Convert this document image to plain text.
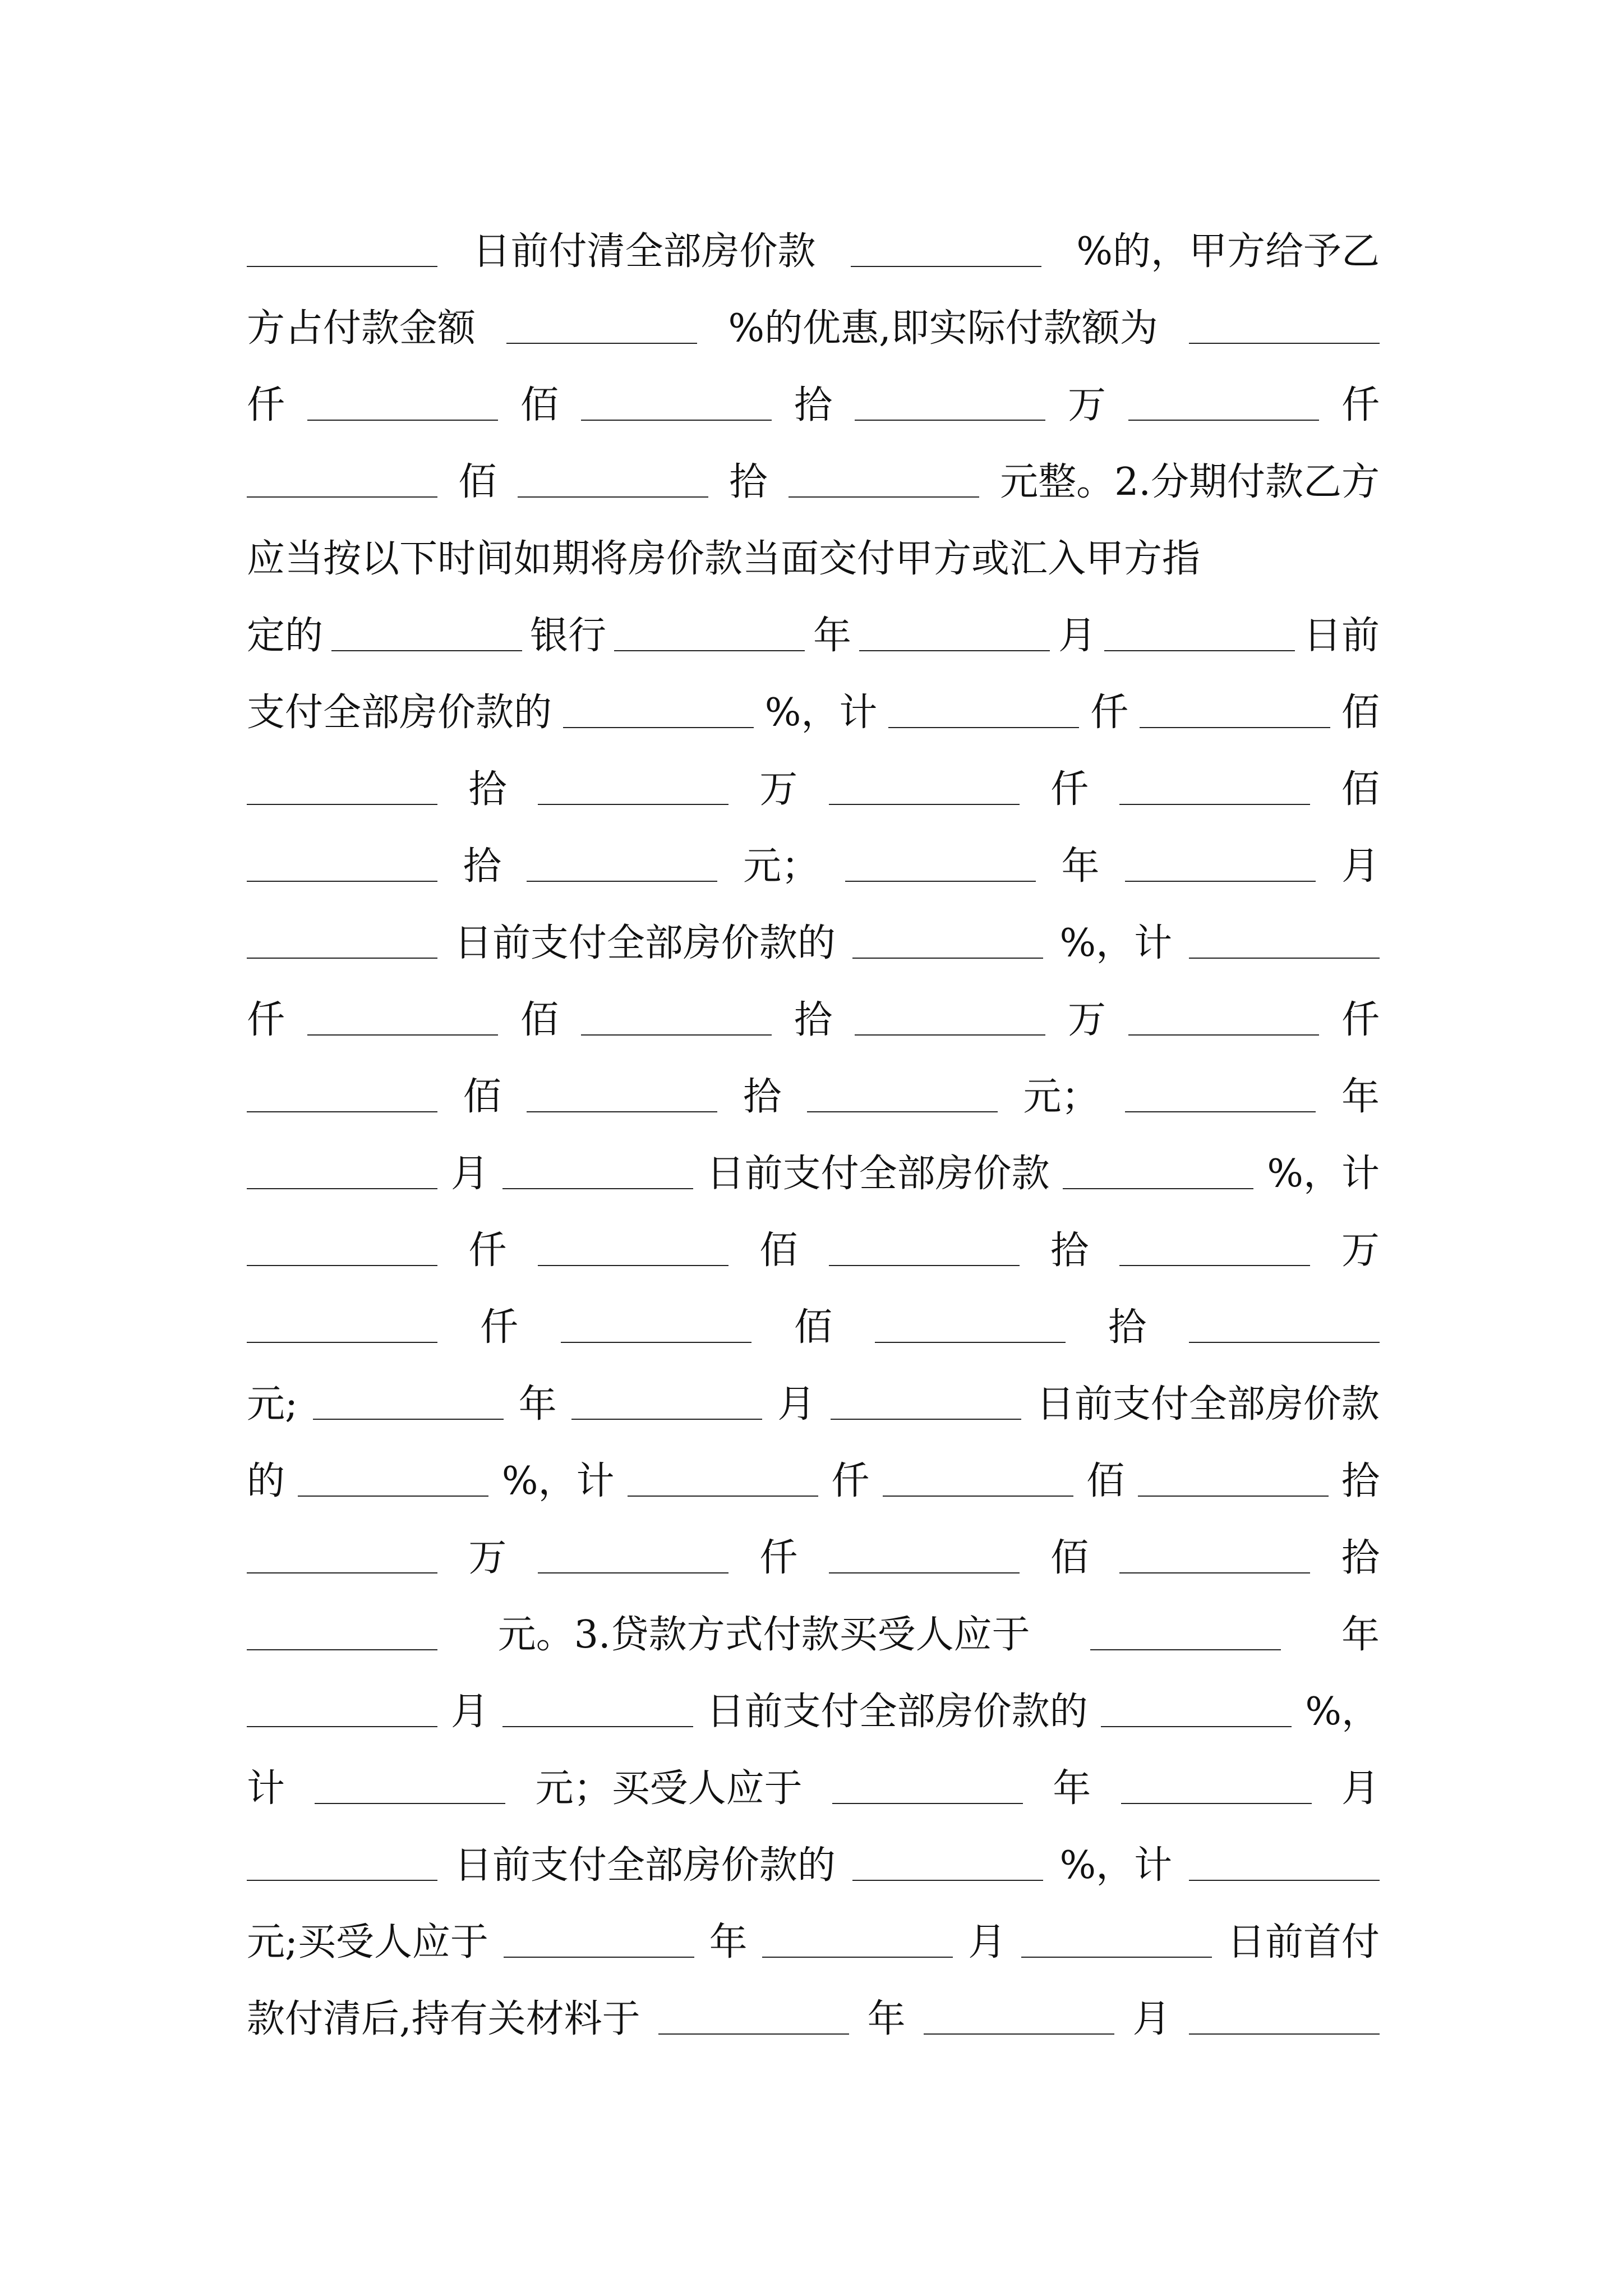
日前付清全部房价款	%的，甲方给予乙
方占付款金额	%的优惠,即实际付款额为
仟	佰	拾	万	仟
佰	拾	元整。2.分期付款乙方
应当按以下时间如期将房价款当面交付甲方或汇入甲方指
定的	银行	年	月	日前
支付全部房价款的	%，计	仟	佰
拾	万	仟	佰
拾	元；	年	月
日前支付全部房价款的	%，计
仟	佰	拾	万	仟
佰	拾	元；	年
月	日前支付全部房价款	%，计
仟	佰	拾	万
仟	佰	拾
元;	年	月	日前支付全部房价款
的	%，计	仟	佰	拾
万	仟	佰	拾
元。3.贷款方式付款买受人应于	年
月	日前支付全部房价款的	%，
计	元；买受人应于	年	月
日前支付全部房价款的	%，计
元;买受人应于	年	月	日前首付
款付清后,持有关材料于	年	月
